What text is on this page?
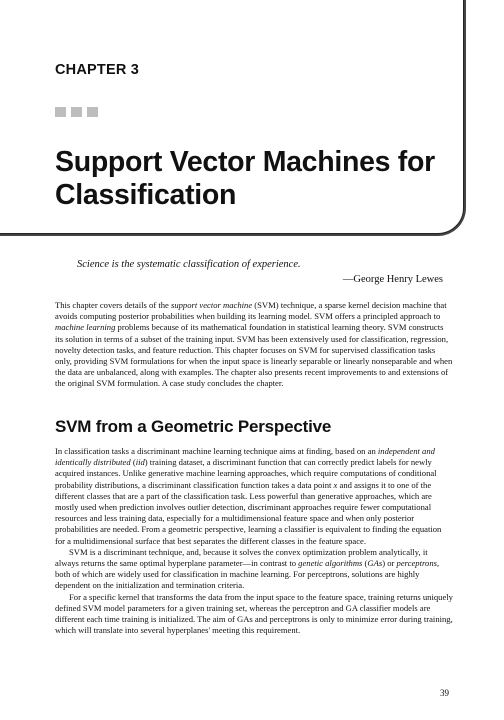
CHAPTER 3
Support Vector Machines for Classification
Science is the systematic classification of experience.
—George Henry Lewes

This chapter covers details of the support vector machine (SVM) technique, a sparse kernel decision machine that avoids computing posterior probabilities when building its learning model. SVM offers a principled approach to machine learning problems because of its mathematical foundation in statistical learning theory. SVM constructs its solution in terms of a subset of the training input. SVM has been extensively used for classification, regression, novelty detection tasks, and feature reduction. This chapter focuses on SVM for supervised classification tasks only, providing SVM formulations for when the input space is linearly separable or linearly nonseparable and when the data are unbalanced, along with examples. The chapter also presents recent improvements to and extensions of the original SVM formulation. A case study concludes the chapter.

SVM from a Geometric Perspective

In classification tasks a discriminant machine learning technique aims at finding, based on an independent and identically distributed (iid) training dataset, a discriminant function that can correctly predict labels for newly acquired instances. Unlike generative machine learning approaches, which require computations of conditional probability distributions, a discriminant classification function takes a data point x and assigns it to one of the different classes that are a part of the classification task. Less powerful than generative approaches, which are mostly used when prediction involves outlier detection, discriminant approaches require fewer computational resources and less training data, especially for a multidimensional feature space and when only posterior probabilities are needed. From a geometric perspective, learning a classifier is equivalent to finding the equation for a multidimensional surface that best separates the different classes in the feature space.

SVM is a discriminant technique, and, because it solves the convex optimization problem analytically, it always returns the same optimal hyperplane parameter—in contrast to genetic algorithms (GAs) or perceptrons, both of which are widely used for classification in machine learning. For perceptrons, solutions are highly dependent on the initialization and termination criteria.

For a specific kernel that transforms the data from the input space to the feature space, training returns uniquely defined SVM model parameters for a given training set, whereas the perceptron and GA classifier models are different each time training is initialized. The aim of GAs and perceptrons is only to minimize error during training, which will translate into several hyperplanes' meeting this requirement.

39
